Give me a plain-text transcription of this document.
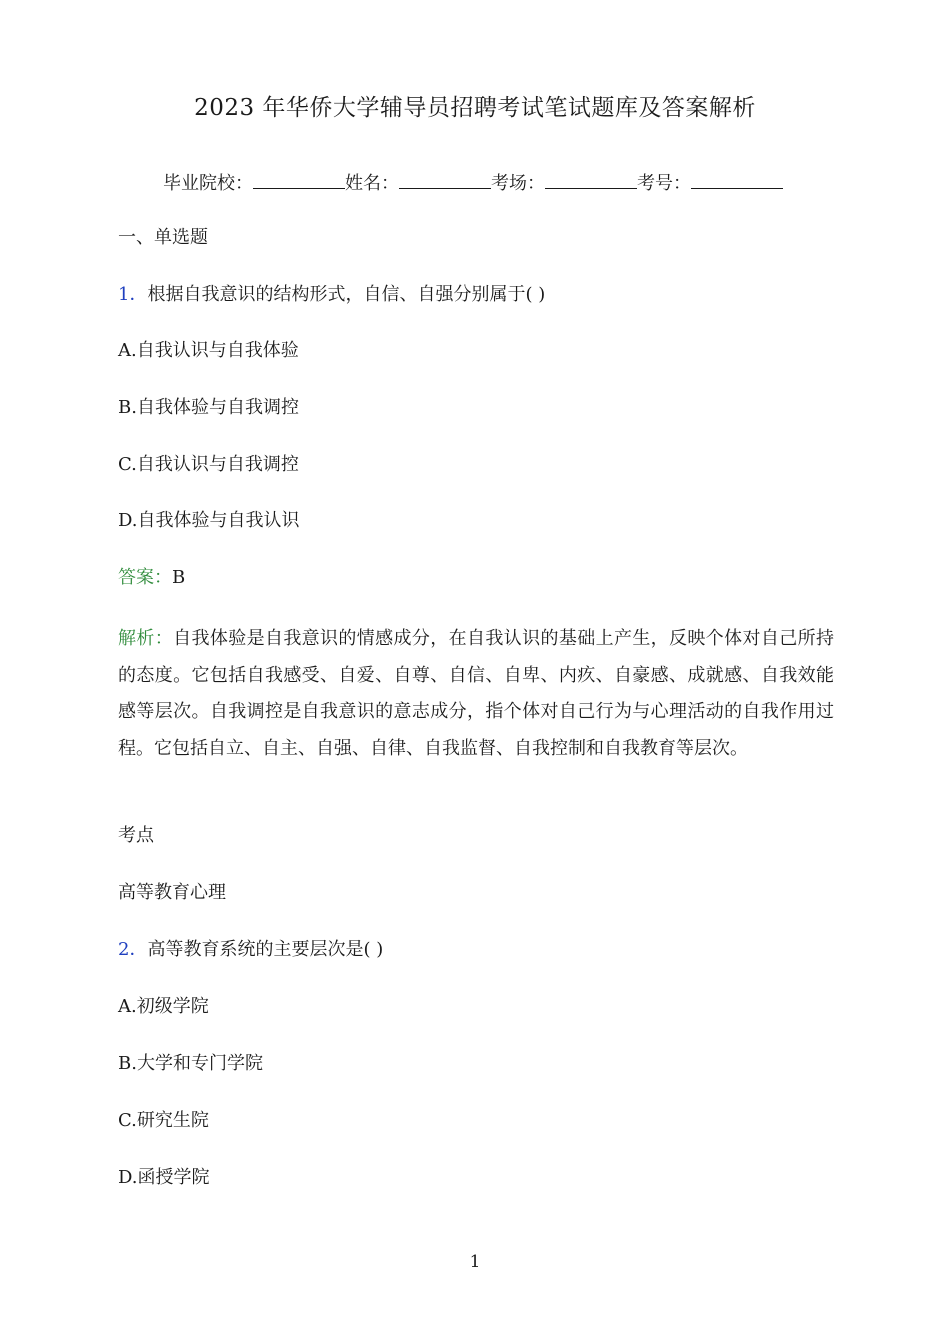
2023 年华侨大学辅导员招聘考试笔试题库及答案解析
毕业院校：	姓名：	考场：	考号：
一、单选题
1．根据自我意识的结构形式，自信、自强分别属于( )
A.自我认识与自我体验
B.自我体验与自我调控
C.自我认识与自我调控
D.自我体验与自我认识
答案：B
解析：自我体验是自我意识的情感成分，在自我认识的基础上产生，反映个体对自己所持的态度。它包括自我感受、自爱、自尊、自信、自卑、内疚、自豪感、成就感、自我效能感等层次。自我调控是自我意识的意志成分，指个体对自己行为与心理活动的自我作用过程。它包括自立、自主、自强、自律、自我监督、自我控制和自我教育等层次。
考点
高等教育心理
2．高等教育系统的主要层次是( )
A.初级学院
B.大学和专门学院
C.研究生院
D.函授学院
1
